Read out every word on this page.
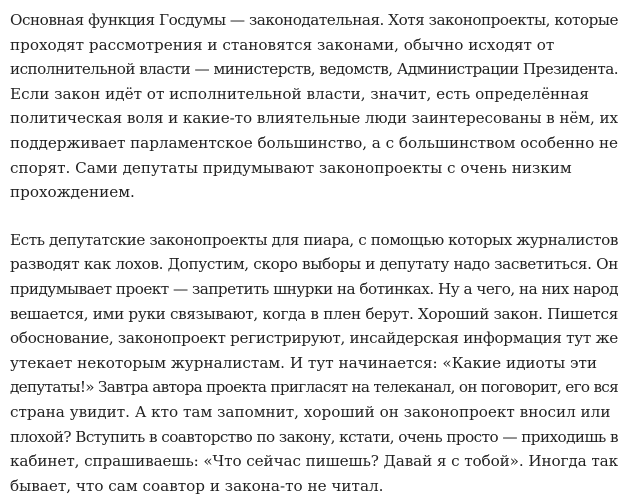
Основная функция Госдумы — законодательная. Хотя законопроекты, которые
проходят рассмотрения и становятся законами, обычно исходят от
исполнительной власти — министерств, ведомств, Администрации Президента.
Если закон идёт от исполнительной власти, значит, есть определённая
политическая воля и какие-то влиятельные люди заинтересованы в нём, их
поддерживает парламентское большинство, а с большинством особенно не
спорят. Сами депутаты придумывают законопроекты с очень низким
прохождением.

Есть депутатские законопроекты для пиара, с помощью которых журналистов
разводят как лохов. Допустим, скоро выборы и депутату надо засветиться. Он
придумывает проект — запретить шнурки на ботинках. Ну а чего, на них народ
вешается, ими руки связывают, когда в плен берут. Хороший закон. Пишется
обоснование, законопроект регистрируют, инсайдерская информация тут же
утекает некоторым журналистам. И тут начинается: «Какие идиоты эти
депутаты!» Завтра автора проекта пригласят на телеканал, он поговорит, его вся
страна увидит. А кто там запомнит, хороший он законопроект вносил или
плохой? Вступить в соавторство по закону, кстати, очень просто — приходишь в
кабинет, спрашиваешь: «Что сейчас пишешь? Давай я с тобой». Иногда так
бывает, что сам соавтор и закона-то не читал.
